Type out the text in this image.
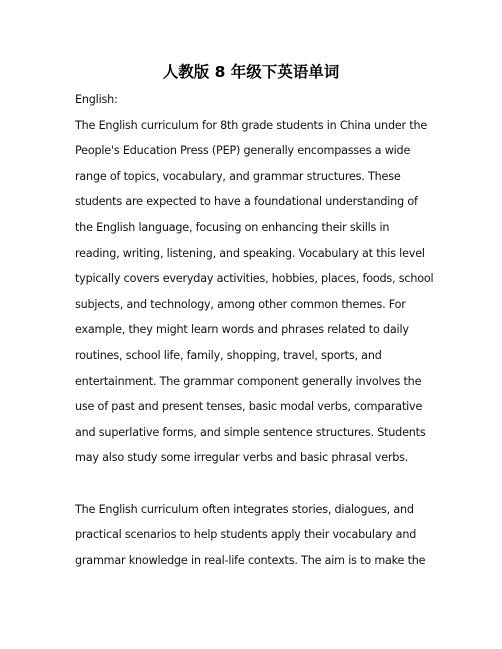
人教版 8 年级下英语单词

English:

The English curriculum for 8th grade students in China under the People's Education Press (PEP) generally encompasses a wide range of topics, vocabulary, and grammar structures. These students are expected to have a foundational understanding of the English language, focusing on enhancing their skills in reading, writing, listening, and speaking. Vocabulary at this level typically covers everyday activities, hobbies, places, foods, school subjects, and technology, among other common themes. For example, they might learn words and phrases related to daily routines, school life, family, shopping, travel, sports, and entertainment. The grammar component generally involves the use of past and present tenses, basic modal verbs, comparative and superlative forms, and simple sentence structures. Students may also study some irregular verbs and basic phrasal verbs.

The English curriculum often integrates stories, dialogues, and practical scenarios to help students apply their vocabulary and grammar knowledge in real-life contexts. The aim is to make the
